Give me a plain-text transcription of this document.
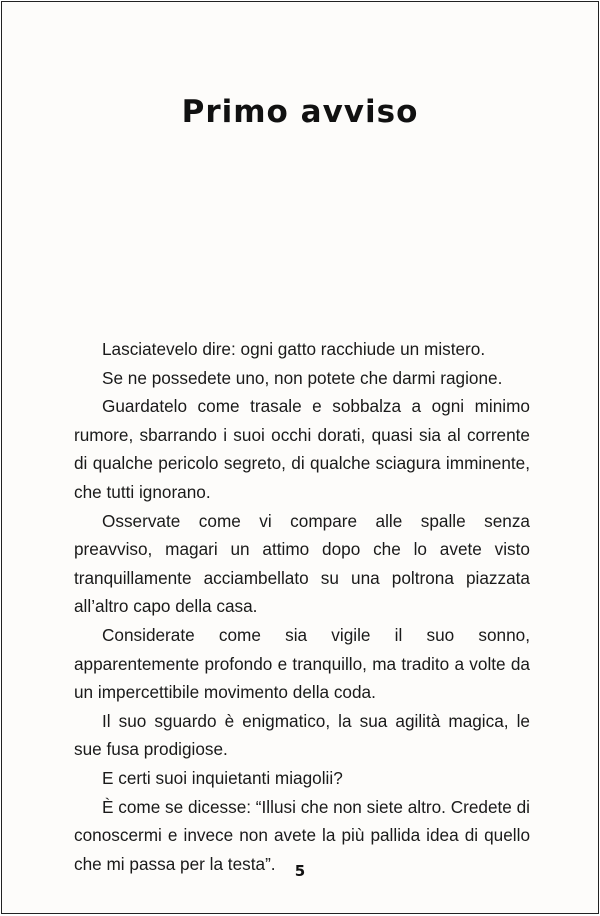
Primo avviso

Lasciatevelo dire: ogni gatto racchiude un mistero.

Se ne possedete uno, non potete che darmi ragione.

Guardatelo come trasale e sobbalza a ogni minimo rumore, sbarrando i suoi occhi dorati, quasi sia al corrente di qualche pericolo segreto, di qualche sciagura imminente, che tutti ignorano.

Osservate come vi compare alle spalle senza preavviso, magari un attimo dopo che lo avete visto tranquillamente acciambellato su una poltrona piazzata all’altro capo della casa.

Considerate come sia vigile il suo sonno, apparentemente profondo e tranquillo, ma tradito a volte da un impercettibile movimento della coda.

Il suo sguardo è enigmatico, la sua agilità magica, le sue fusa prodigiose.

E certi suoi inquietanti miagolii?

È come se dicesse: “Illusi che non siete altro. Credete di conoscermi e invece non avete la più pallida idea di quello che mi passa per la testa”.	5
